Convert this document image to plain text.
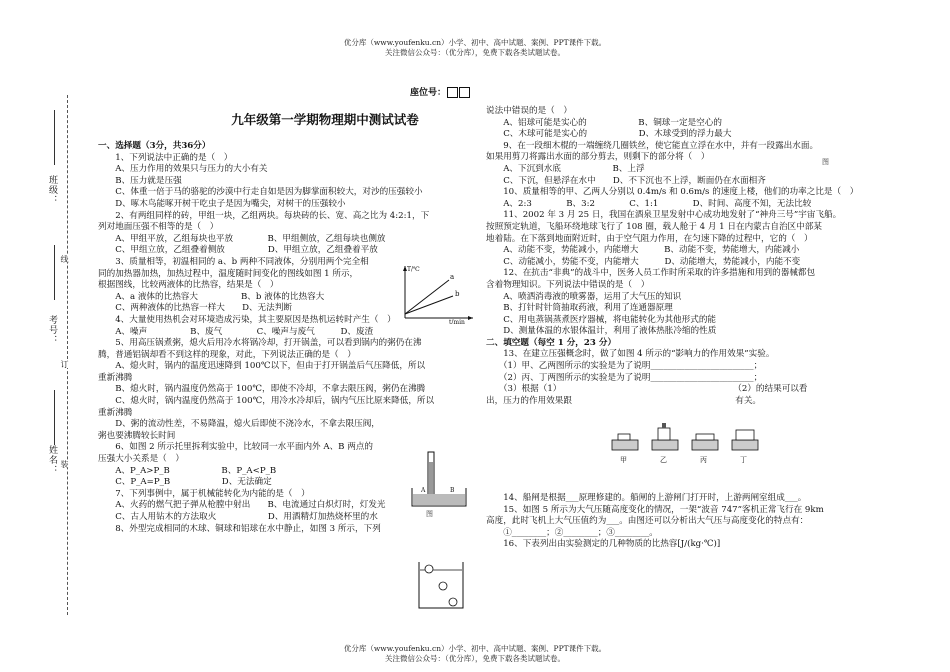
优分库（www.youfenku.cn）小学、初中、高中试题、案例、PPT课件下载。
关注微信公众号：（优分库），免费下载各类试题试卷。
座位号：
九年级第一学期物理期中测试试卷
班级：
线
考号：
订
姓名： 装

一、选择题（3分，共36分）

　　1、下列说法中正确的是（　）

　　A、压力作用的效果只与压力的大小有关

　　B、压力就是压强

　　C、体重一倍于马的骆驼的沙漠中行走自如是因为脚掌面积较大，对沙的压强较小

　　D、啄木鸟能啄开树干吃虫子是因为嘴尖，对树干的压强较小

　　2、有两组同样的砖，甲组一块，乙组两块。每块砖的长、宽、高之比为 4:2:1，下

列对地面压强不相等的是（　）

　　A、甲组平放，乙组每块也平放　　　　B、甲组侧放，乙组每块也侧放

　　C、甲组立放，乙组叠着侧放　　　　　D、甲组立放，乙组叠着平放

　　3、质量相等，初温相同的 a、b 两种不同液体，分别用两个完全相

同的加热器加热，加热过程中，温度随时间变化的图线如图 1 所示，

根据图线，比较两液体的比热容，结果是（　）

　　A、a 液体的比热容大　　　　　B、b 液体的比热容大

　　C、两种液体的比热容一样大　　D、无法判断

　　4、大量使用热机会对环境造成污染，其主要原因是热机运转时产生（　）

　　A、噪声　　　　　B、废气　　　　C、噪声与废气　　　D、废渣

　　5、用高压锅煮粥，熄火后用冷水将锅冷却，打开锅盖，可以看到锅内的粥仍在沸

腾，普通铝锅却看不到这样的现象，对此，下列说法正确的是（　）

　　A、熄火时，锅内的温度迅速降到 100℃以下，但由于打开锅盖后气压降低，所以

重新沸腾

　　B、熄火时，锅内温度仍然高于 100℃，即使不冷却，不拿去限压阀，粥仍在沸腾

　　C、熄火时，锅内温度仍然高于 100℃，用冷水冷却后，锅内气压比原来降低，所以

重新沸腾

　　D、粥的流动性差，不易降温，熄火后即使不浇冷水，不拿去限压阀，

粥也要沸腾较长时间

　　6、如图 2 所示托里拆利实验中，比较同一水平面内外 A、B 两点的

压强大小关系是（　）

　　A、P_A>P_B　　　　　　B、P_A<P_B

　　C、P_A=P_B　　　　　　D、无法确定

　　7、下列事例中，属于机械能转化为内能的是（　）

　　A、火药的燃气把子弹从枪膛中射出　　B、电流通过白炽灯时，灯发光

　　C、古人用钻木的方法取火　　　　　　D、用酒精灯加热烧杯里的水

　　8、外型完成相同的木球、铜球和铝球在水中静止，如图 3 所示，下列

T/℃
t/min
a
b
A	B
图

说法中错误的是（　）

　　A、铝球可能是实心的　　　　　　B、铜球一定是空心的

　　C、木球可能是实心的　　　　　　D、木球受到的浮力最大

　　9、在一段细木棍的一端缠绕几圈铁丝，使它能直立浮在水中，并有一段露出水面。

如果用剪刀将露出水面的部分剪去，则剩下的部分将（　）

　　A、下沉到水底　　　　　　B、上浮

　　C、下沉，但悬浮在水中　　D、不下沉也不上浮，断面仍在水面相齐

　　10、质量相等的甲、乙两人分别以 0.4m/s 和 0.6m/s 的速度上楼，他们的功率之比是（　）

　　A、2:3　　　　B、3:2　　　　C、1:1　　　　D、时间、高度不知，无法比较

　　11、2002 年 3 月 25 日，我国在酒泉卫星发射中心成功地发射了“神舟三号”宇宙飞船。

按照预定轨道，飞船环绕地球飞行了 108 圈，载人舱于 4 月 1 日在内蒙古自治区中部某

地着陆。在下落到地面附近时，由于空气阻力作用，在匀速下降的过程中，它的（　）

　　A、动能不变，势能减小，内能增大　　　B、动能不变，势能增大，内能减小

　　C、动能减小，势能不变，内能增大　　　D、动能增大，势能减小，内能不变

　　12、在抗击“非典”的战斗中，医务人员工作时所采取的许多措施和用到的器械都包

含着物理知识。下列说法中错误的是（　）

　　A、喷洒消毒液的喷雾器，运用了大气压的知识

　　B、打针时针筒抽取药液，利用了连通器原理

　　C、用电蒸锅蒸煮医疗器械，将电能转化为其他形式的能

　　D、测量体温的水银体温计，利用了液体热胀冷缩的性质

二、填空题（每空 1 分，23 分）

　　13、在建立压强概念时，做了如图 4 所示的“影响力的作用效果”实验。

　　（1）甲、乙两图所示的实验是为了说明________________________；

　　（2）丙、丁两图所示的实验是为了说明________________________；

　　（3）根据（1）　　　　　　　　　　　　　　　　　　　　　（2）的结果可以看

出，压力的作用效果跟　　　　　　　　　　　　　　　　　　　有关。

图
甲	乙	丙	丁

　　14、船闸是根据___原理修建的。船闸的上游闸门打开时，上游两闸室组成___。

　　15、如图 5 所示为大气压随高度变化的情况，一架“波音 747”客机正常飞行在 9km

高度，此时飞机上大气压值约为___。由图还可以分析出大气压与高度变化的特点有：

　　①________；②________；③________。

　　16、下表列出由实验测定的几种物质的比热容[J/(kg·℃)]

优分库（www.youfenku.cn）小学、初中、高中试题、案例、PPT课件下载。
关注微信公众号：（优分库），免费下载各类试题试卷。
